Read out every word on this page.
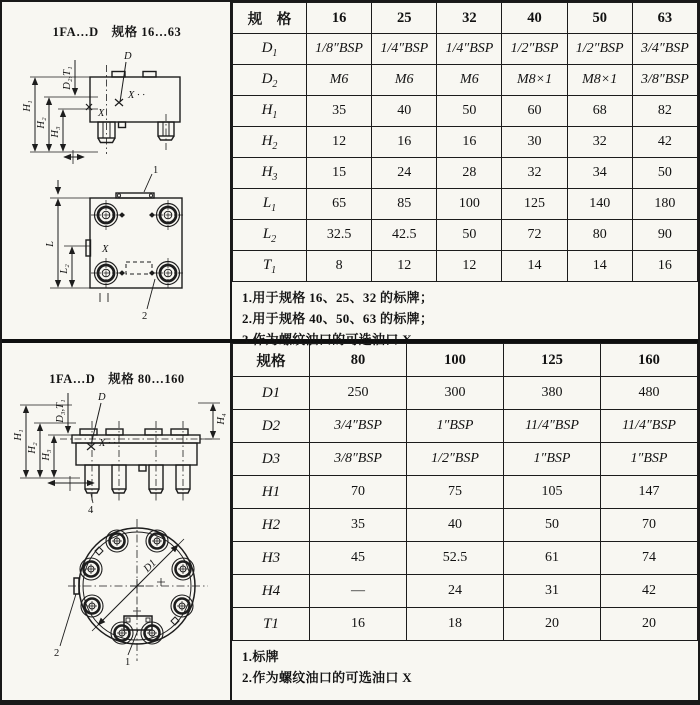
1FA…D　规格 16…63
D
X ∙ ∙
X
H₁
H₂
H₃
D₂,T₁
1
X
L
L₂
2
规　格	16	25	32	40	50	63
$D_1$	1/8″BSP	1/4″BSP	1/4″BSP	1/2″BSP	1/2″BSP	3/4″BSP
$D_2$	M6	M6	M6	M8×1	M8×1	3/8″BSP
$H_1$	35	40	50	60	68	82
$H_2$	12	16	16	30	32	42
$H_3$	15	24	28	32	34	50
$L_1$	65	85	100	125	140	180
$L_2$	32.5	42.5	50	72	80	90
$T_1$	8	12	12	14	14	16
1.用于规格 16、25、32 的标牌；
2.用于规格 40、50、63 的标牌；
3.作为螺纹油口的可选油口 X
1FA…D　规格 80…160
D
X ∙ ∙
H₁
H₂
H₃
D₃,T₁	H₄
4
D1
1
2
规格	80	100	125	160
D1	250	300	380	480
D2	3/4″BSP	1″BSP	11/4″BSP	11/4″BSP
D3	3/8″BSP	1/2″BSP	1″BSP	1″BSP
H1	70	75	105	147
H2	35	40	50	70
H3	45	52.5	61	74
H4	—	24	31	42
T1	16	18	20	20
1.标牌
2.作为螺纹油口的可选油口 X
